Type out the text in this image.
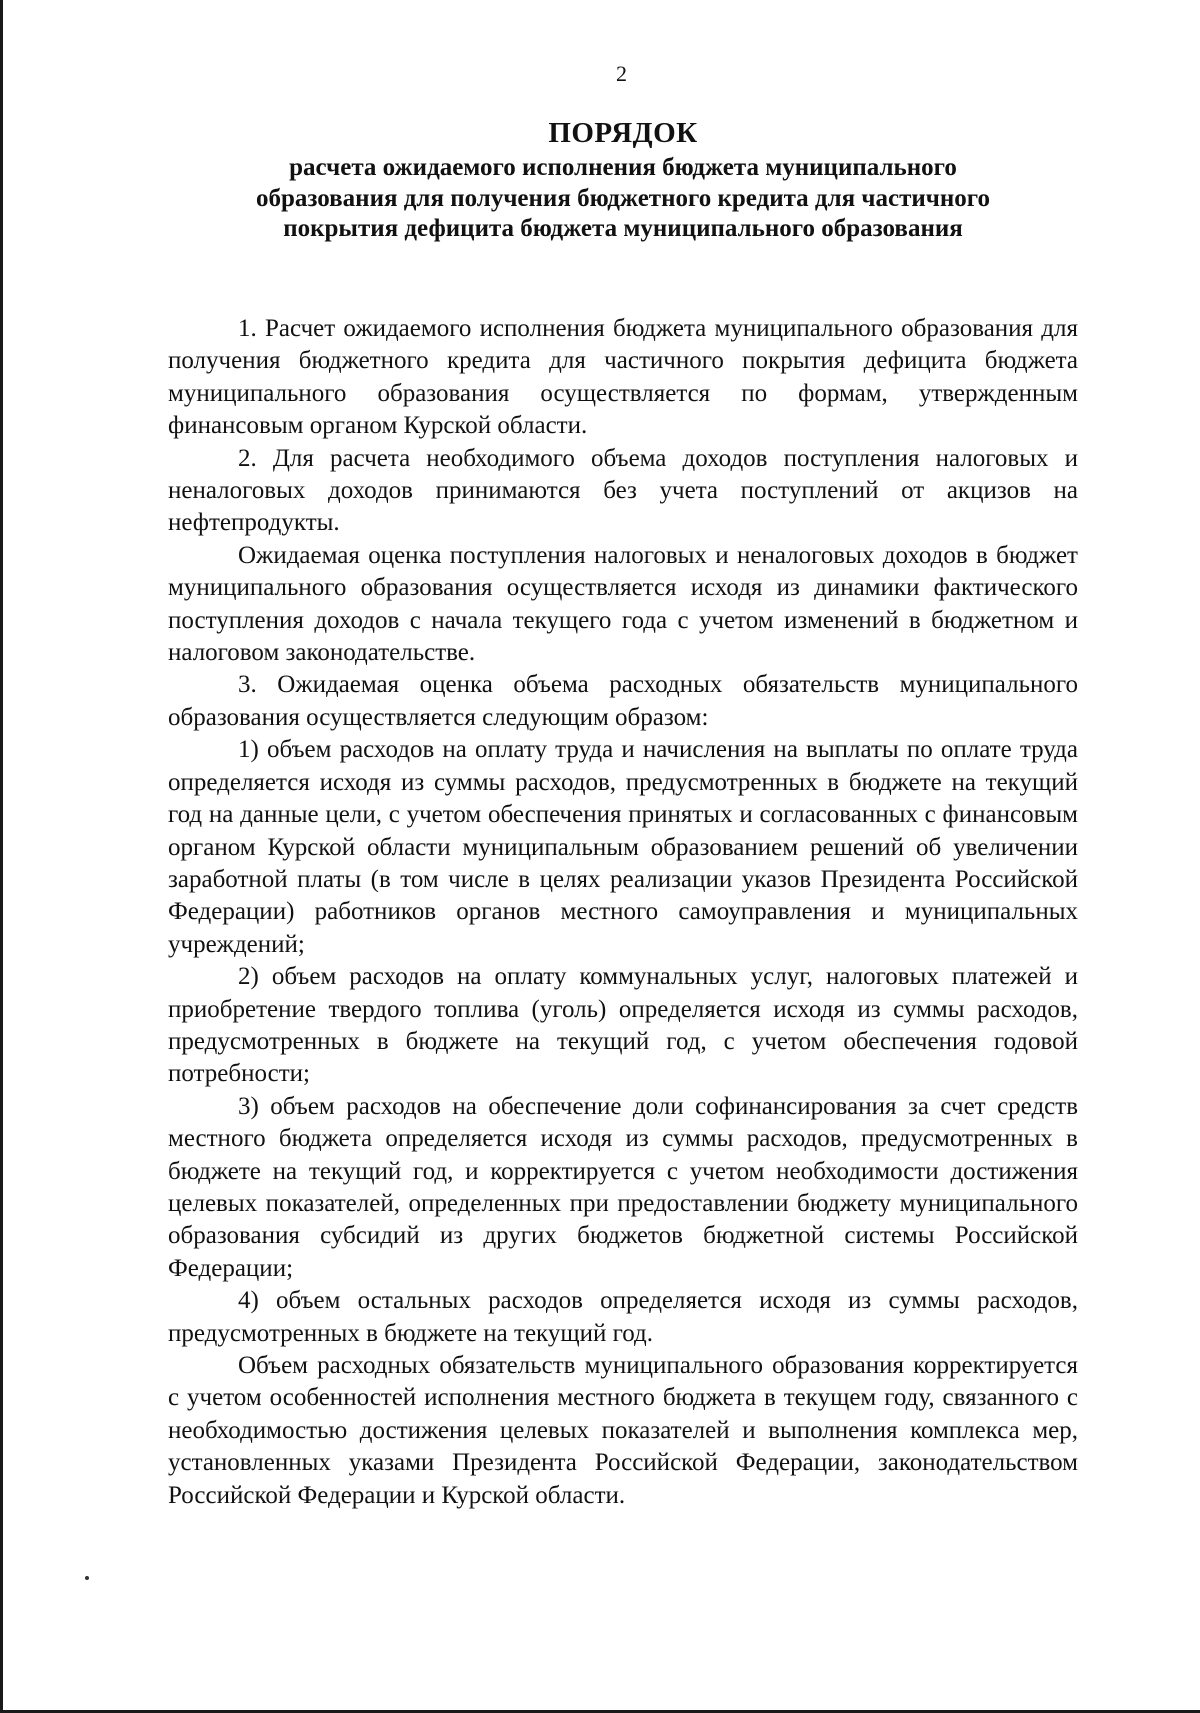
2
ПОРЯДОК
расчета ожидаемого исполнения бюджета муниципального
образования для получения бюджетного кредита для частичного
покрытия дефицита бюджета муниципального образования

1. Расчет ожидаемого исполнения бюджета муниципального образования для получения бюджетного кредита для частичного покрытия дефицита бюджета муниципального образования осуществляется по формам, утвержденным финансовым органом Курской области.

2. Для расчета необходимого объема доходов поступления налоговых и неналоговых доходов принимаются без учета поступлений от акцизов на нефтепродукты.

Ожидаемая оценка поступления налоговых и неналоговых доходов в бюджет муниципального образования осуществляется исходя из динамики фактического поступления доходов с начала текущего года с учетом изменений в бюджетном и налоговом законодательстве.

3. Ожидаемая оценка объема расходных обязательств муниципального образования осуществляется следующим образом:

1) объем расходов на оплату труда и начисления на выплаты по оплате труда определяется исходя из суммы расходов, предусмотренных в бюджете на текущий год на данные цели, с учетом обеспечения принятых и согласованных с финансовым органом Курской области муниципальным образованием решений об увеличении заработной платы (в том числе в целях реализации указов Президента Российской Федерации) работников органов местного самоуправления и муниципальных учреждений;

2) объем расходов на оплату коммунальных услуг, налоговых платежей и приобретение твердого топлива (уголь) определяется исходя из суммы расходов, предусмотренных в бюджете на текущий год, с учетом обеспечения годовой потребности;

3) объем расходов на обеспечение доли софинансирования за счет средств местного бюджета определяется исходя из суммы расходов, предусмотренных в бюджете на текущий год, и корректируется с учетом необходимости достижения целевых показателей, определенных при предоставлении бюджету муниципального образования субсидий из других бюджетов бюджетной системы Российской Федерации;

4) объем остальных расходов определяется исходя из суммы расходов, предусмотренных в бюджете на текущий год.

Объем расходных обязательств муниципального образования корректируется с учетом особенностей исполнения местного бюджета в текущем году, связанного с необходимостью достижения целевых показателей и выполнения комплекса мер, установленных указами Президента Российской Федерации, законодательством Российской Федерации и Курской области.
